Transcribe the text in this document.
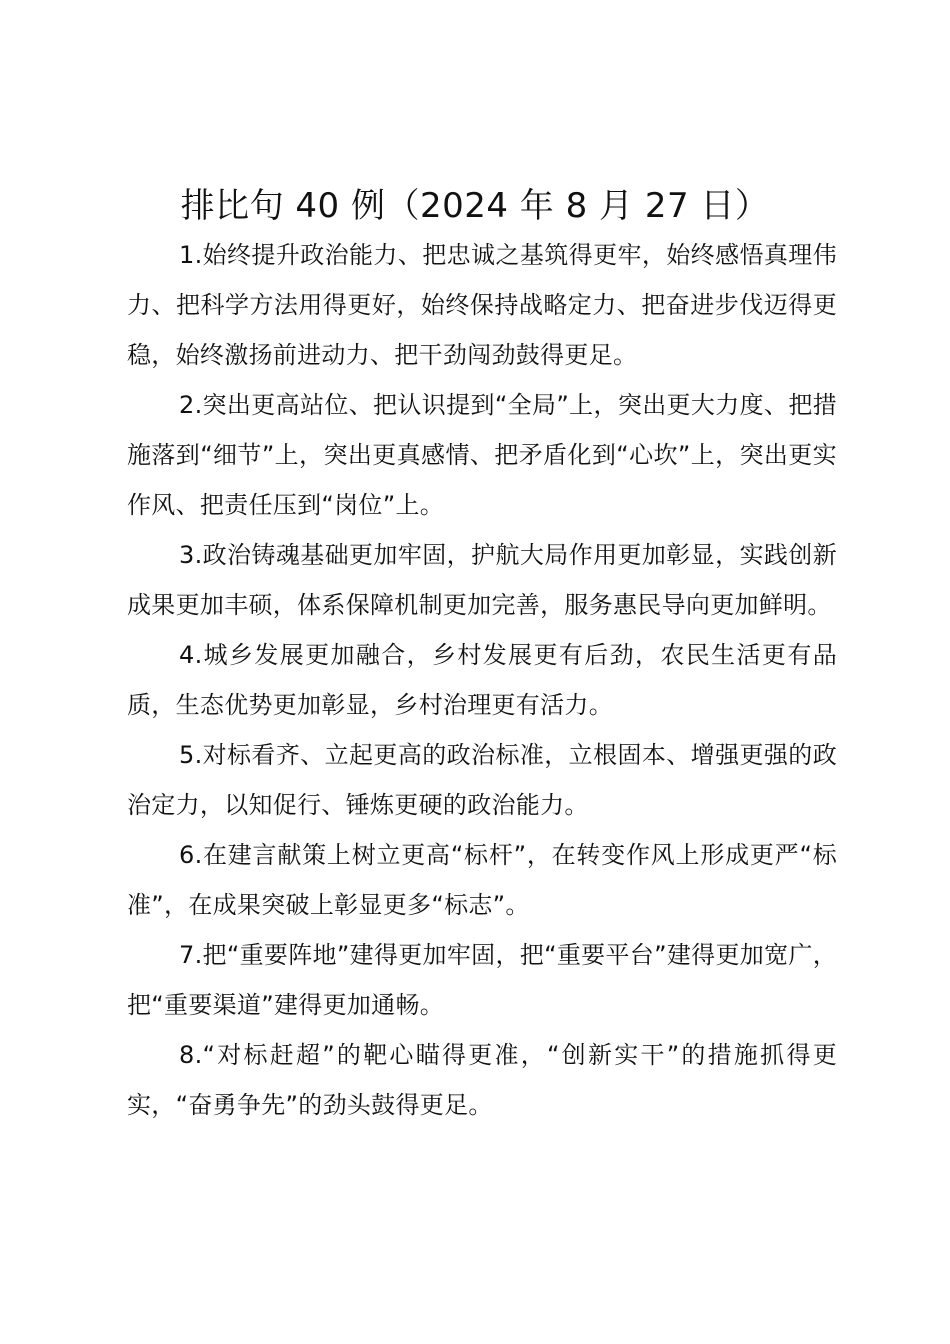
排比句 40 例（2024 年 8 月 27 日）

1.始终提升政治能力、把忠诚之基筑得更牢，始终感悟真理伟力、把科学方法用得更好，始终保持战略定力、把奋进步伐迈得更稳，始终激扬前进动力、把干劲闯劲鼓得更足。

2.突出更高站位、把认识提到“全局”上，突出更大力度、把措施落到“细节”上，突出更真感情、把矛盾化到“心坎”上，突出更实作风、把责任压到“岗位”上。

3.政治铸魂基础更加牢固，护航大局作用更加彰显，实践创新成果更加丰硕，体系保障机制更加完善，服务惠民导向更加鲜明。

4.城乡发展更加融合，乡村发展更有后劲，农民生活更有品质，生态优势更加彰显，乡村治理更有活力。

5.对标看齐、立起更高的政治标准，立根固本、增强更强的政治定力，以知促行、锤炼更硬的政治能力。

6.在建言献策上树立更高“标杆”，在转变作风上形成更严“标准”，在成果突破上彰显更多“标志”。

7.把“重要阵地”建得更加牢固，把“重要平台”建得更加宽广，把“重要渠道”建得更加通畅。

8.“对标赶超”的靶心瞄得更准，“创新实干”的措施抓得更实，“奋勇争先”的劲头鼓得更足。
